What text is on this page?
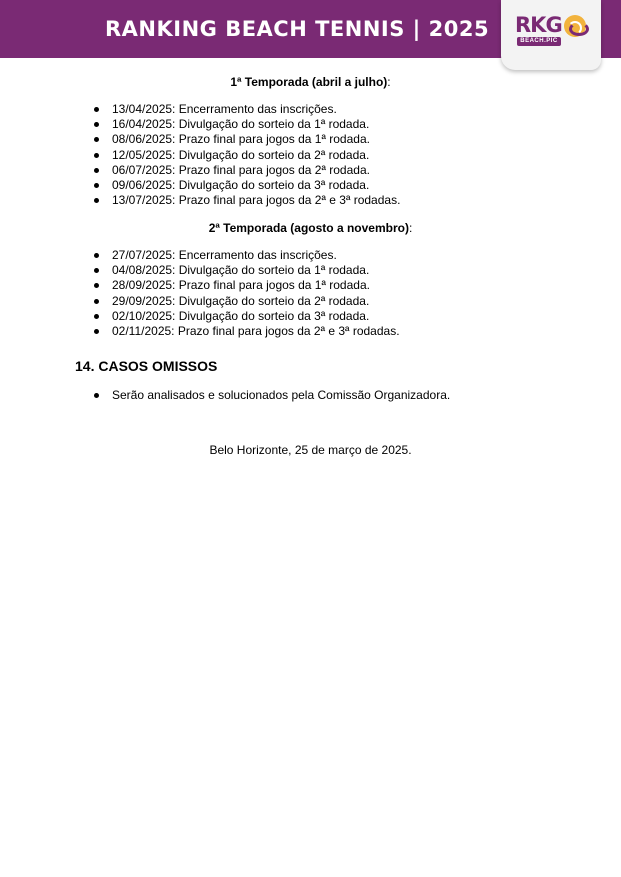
RANKING BEACH TENNIS | 2025 RKG
BEACH.PIC
1ª Temporada (abril a julho):
13/04/2025: Encerramento das inscrições.
16/04/2025: Divulgação do sorteio da 1ª rodada.
08/06/2025: Prazo final para jogos da 1ª rodada.
12/05/2025: Divulgação do sorteio da 2ª rodada.
06/07/2025: Prazo final para jogos da 2ª rodada.
09/06/2025: Divulgação do sorteio da 3ª rodada.
13/07/2025: Prazo final para jogos da 2ª e 3ª rodadas.
2ª Temporada (agosto a novembro):
27/07/2025: Encerramento das inscrições.
04/08/2025: Divulgação do sorteio da 1ª rodada.
28/09/2025: Prazo final para jogos da 1ª rodada.
29/09/2025: Divulgação do sorteio da 2ª rodada.
02/10/2025: Divulgação do sorteio da 3ª rodada.
02/11/2025: Prazo final para jogos da 2ª e 3ª rodadas.
14. CASOS OMISSOS
Serão analisados e solucionados pela Comissão Organizadora.
Belo Horizonte, 25 de março de 2025.
